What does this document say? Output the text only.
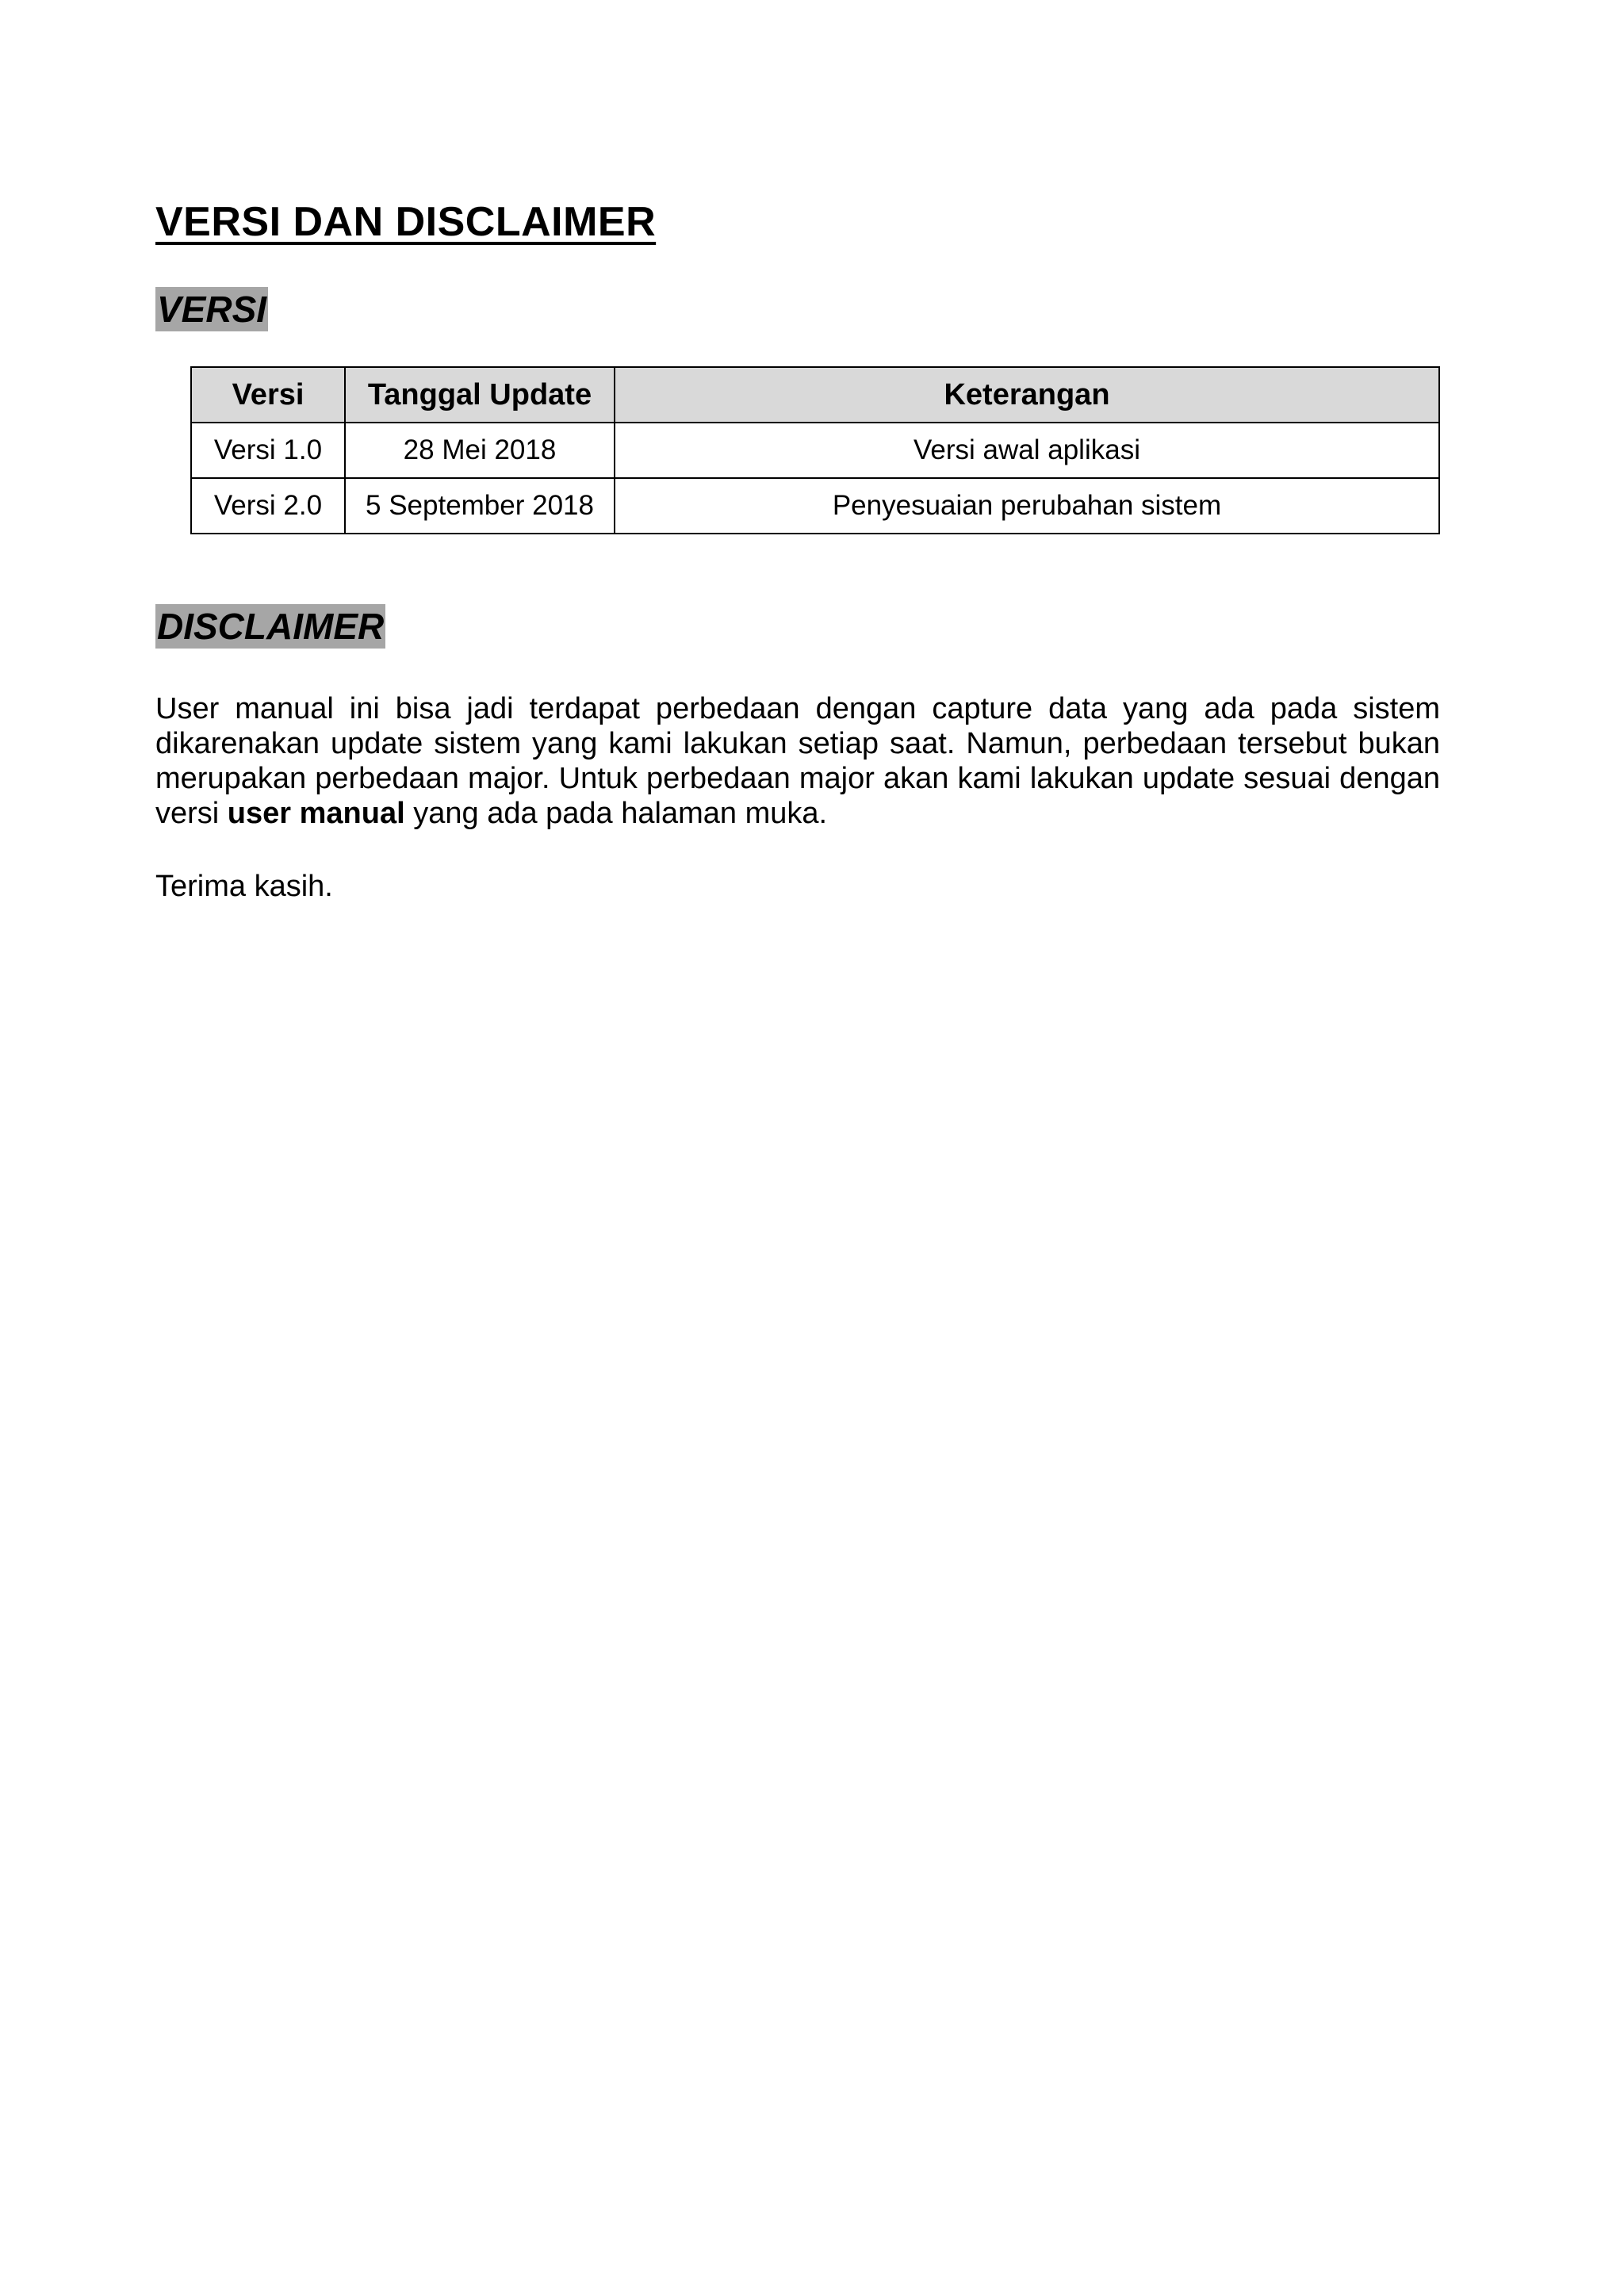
VERSI DAN DISCLAIMER
VERSI
Versi	Tanggal Update	Keterangan
Versi 1.0	28 Mei 2018	Versi awal aplikasi
Versi 2.0	5 September 2018	Penyesuaian perubahan sistem
DISCLAIMER

User manual ini bisa jadi terdapat perbedaan dengan capture data yang ada pada sistem dikarenakan update sistem yang kami lakukan setiap saat. Namun, perbedaan tersebut bukan merupakan perbedaan major. Untuk perbedaan major akan kami lakukan update sesuai dengan versi user manual yang ada pada halaman muka.

Terima kasih.
